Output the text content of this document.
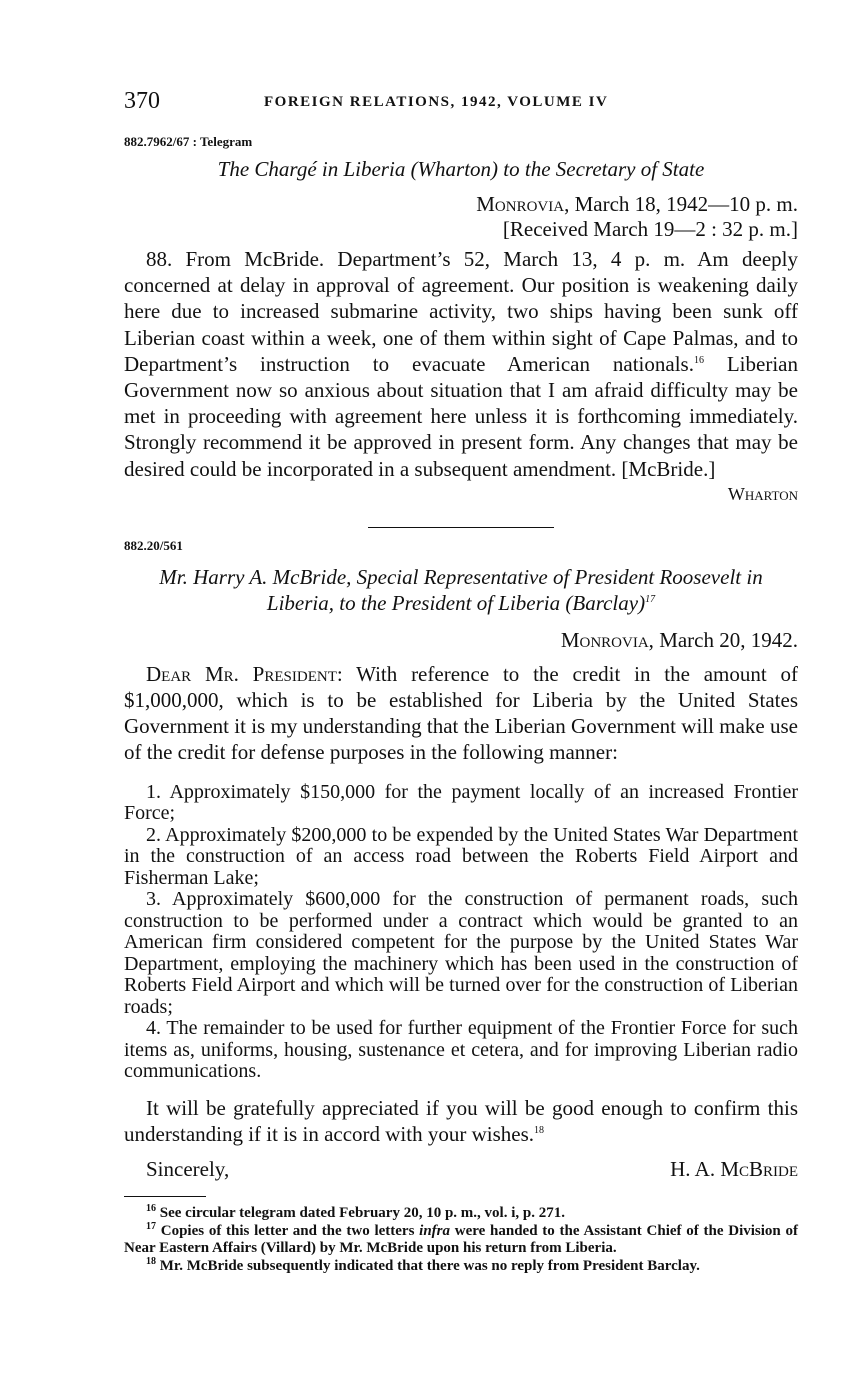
370	FOREIGN RELATIONS, 1942, VOLUME IV
882.7962/67 : Telegram
The Chargé in Liberia (Wharton) to the Secretary of State
Monrovia, March 18, 1942—10 p. m.
[Received March 19—2 : 32 p. m.]

88. From McBride. Department’s 52, March 13, 4 p. m. Am deeply concerned at delay in approval of agreement. Our position is weakening daily here due to increased submarine activity, two ships having been sunk off Liberian coast within a week, one of them within sight of Cape Palmas, and to Department’s instruction to evacuate American nationals.$^{16}$ Liberian Government now so anxious about situation that I am afraid difficulty may be met in proceeding with agreement here unless it is forthcoming immediately. Strongly recommend it be approved in present form. Any changes that may be desired could be incorporated in a subsequent amendment. [McBride.]

Wharton
882.20/561
Mr. Harry A. McBride, Special Representative of President Roosevelt in Liberia, to the President of Liberia (Barclay)$^{17}$
Monrovia, March 20, 1942.

Dear Mr. President: With reference to the credit in the amount of $1,000,000, which is to be established for Liberia by the United States Government it is my understanding that the Liberian Government will make use of the credit for defense purposes in the following manner:

1. Approximately $150,000 for the payment locally of an increased Frontier Force;

2. Approximately $200,000 to be expended by the United States War Department in the construction of an access road between the Roberts Field Airport and Fisherman Lake;

3. Approximately $600,000 for the construction of permanent roads, such construction to be performed under a contract which would be granted to an American firm considered competent for the purpose by the United States War Department, employing the machinery which has been used in the construction of Roberts Field Airport and which will be turned over for the construction of Liberian roads;

4. The remainder to be used for further equipment of the Frontier Force for such items as, uniforms, housing, sustenance et cetera, and for improving Liberian radio communications.

It will be gratefully appreciated if you will be good enough to confirm this understanding if it is in accord with your wishes.$^{18}$

Sincerely,	H. A. McBride

$^{16}$ See circular telegram dated February 20, 10 p. m., vol. i, p. 271.

$^{17}$ Copies of this letter and the two letters infra were handed to the Assistant Chief of the Division of Near Eastern Affairs (Villard) by Mr. McBride upon his return from Liberia.

$^{18}$ Mr. McBride subsequently indicated that there was no reply from President Barclay.
